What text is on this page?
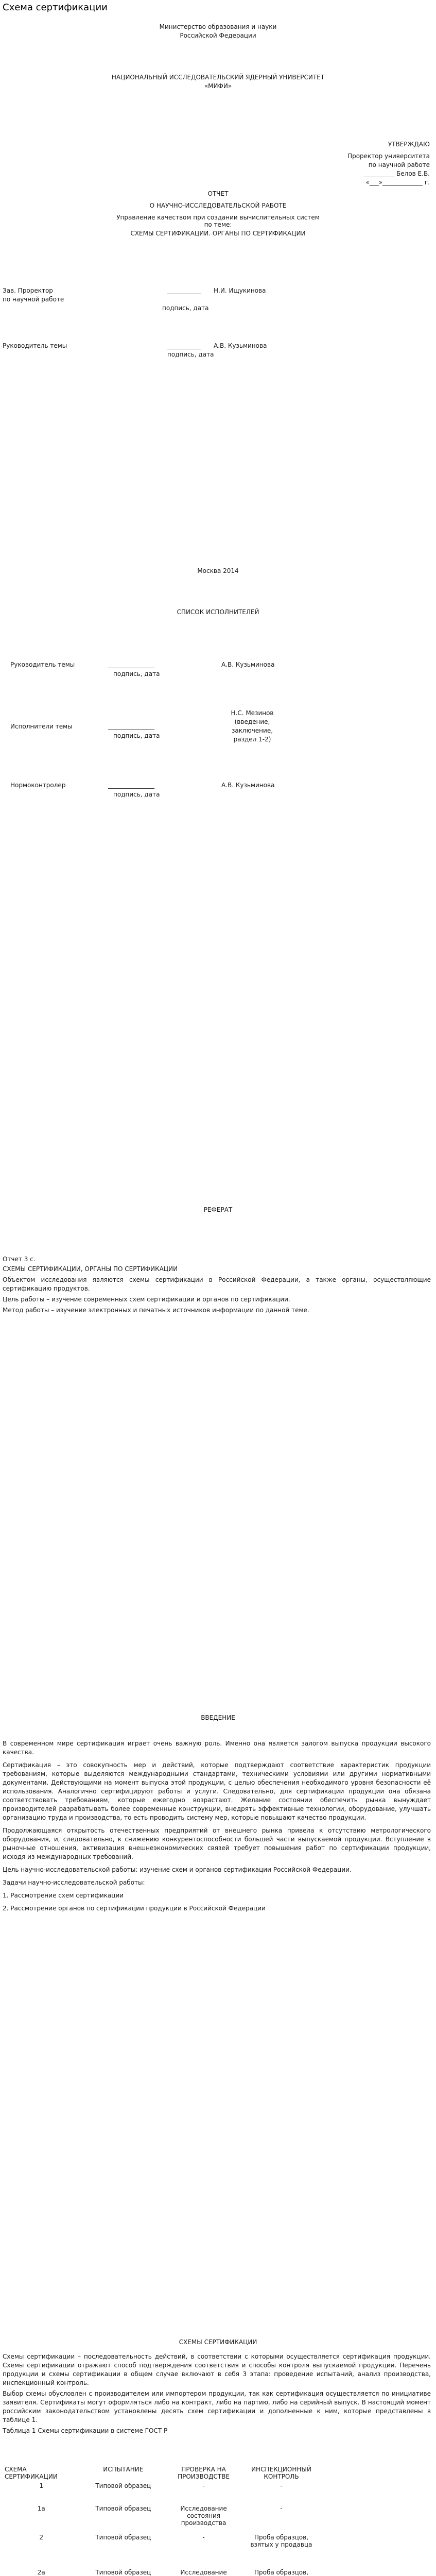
Схема сертификации
Министерство образования и науки
Российской Федерации
НАЦИОНАЛЬНЫЙ ИССЛЕДОВАТЕЛЬСКИЙ ЯДЕРНЫЙ УНИВЕРСИТЕТ
«МИФИ»
УТВЕРЖДАЮ
Проректор университета
по научной работе
__________ Белов Е.Б.
«___»_____________ г.
ОТЧЕТ
О НАУЧНО-ИССЛЕДОВАТЕЛЬСКОЙ РАБОТЕ
Управление качеством при создании вычислительных систем
по теме:
СХЕМЫ СЕРТИФИКАЦИИ. ОРГАНЫ ПО СЕРТИФИКАЦИИ
Зав. Проректор
по научной работе
___________	Н.И. Ищукинова
подпись, дата
Руководитель темы	___________	А.В. Кузьминова
подпись, дата
Москва 2014
СПИСОК ИСПОЛНИТЕЛЕЙ
Руководитель темы	_______________	А.В. Кузьминова
подпись, дата
Исполнители темы	_______________
Н.С. Мезинов (введение, заключение, раздел 1-2)
подпись, дата
Нормоконтролер	_______________	А.В. Кузьминова
подпись, дата
РЕФЕРАТ
Отчет 3 с.
СХЕМЫ СЕРТИФИКАЦИИ, ОРГАНЫ ПО СЕРТИФИКАЦИИ

Объектом исследования являются схемы сертификации в Российской Федерации, а также органы, осуществляющие сертификацию продуктов.

Цель работы – изучение современных схем сертификации и органов по сертификации.

Метод работы – изучение электронных и печатных источников информации по данной теме.

ВВЕДЕНИЕ

В современном мире сертификация играет очень важную роль. Именно она является залогом выпуска продукции высокого качества.

Сертификация – это совокупность мер и действий, которые подтверждают соответствие характеристик продукции требованиям, которые выделяются международными стандартами, техническими условиями или другими нормативными документами. Действующими на момент выпуска этой продукции, с целью обеспечения необходимого уровня безопасности её использования. Аналогично сертифицируют работы и услуги. Следовательно, для сертификации продукции она обязана соответствовать требованиям, которые ежегодно возрастают. Желание состоянии обеспечить рынка вынуждает производителей разрабатывать более современные конструкции, внедрять эффективные технологии, оборудование, улучшать организацию труда и производства, то есть проводить систему мер, которые повышают качество продукции.

Продолжающаяся открытость отечественных предприятий от внешнего рынка привела к отсутствию метрологического оборудования, и, следовательно, к снижению конкурентоспособности большей части выпускаемой продукции. Вступление в рыночные отношения, активизация внешнеэкономических связей требует повышения работ по сертификации продукции, исходя из международных требований.

Цель научно-исследовательской работы: изучение схем и органов сертификации Российской Федерации.

Задачи научно-исследовательской работы:

1. Рассмотрение схем сертификации

2. Рассмотрение органов по сертификации продукции в Российской Федерации

СХЕМЫ СЕРТИФИКАЦИИ

Схемы сертификации – последовательность действий, в соответствии с которыми осуществляется сертификация продукции. Схемы сертификации отражают способ подтверждения соответствия и способы контроля выпускаемой продукции. Перечень продукции и схемы сертификации в общем случае включают в себя 3 этапа: проведение испытаний, анализ производства, инспекционный контроль.

Выбор схемы обусловлен с производителем или импортером продукции, так как сертификация осуществляется по инициативе заявителя. Сертификаты могут оформляться либо на контракт, либо на партию, либо на серийный выпуск. В настоящий момент российским законодательством установлены десять схем сертификации и дополненные к ним, которые представлены в таблице 1.

Таблица 1 Схемы сертификации в системе ГОСТ Р
СХЕМА СЕРТИФИКАЦИИ	ИСПЫТАНИЕ	ПРОВЕРКА НА ПРОИЗВОДСТВЕ	ИНСПЕКЦИОННЫЙ КОНТРОЛЬ
1	Типовой образец	-	-
1а	Типовой образец	Исследование состояния производства	-
2	Типовой образец	-	Проба образцов, взятых у продавца
2а	Типовой образец	Исследование	Проба образцов,
